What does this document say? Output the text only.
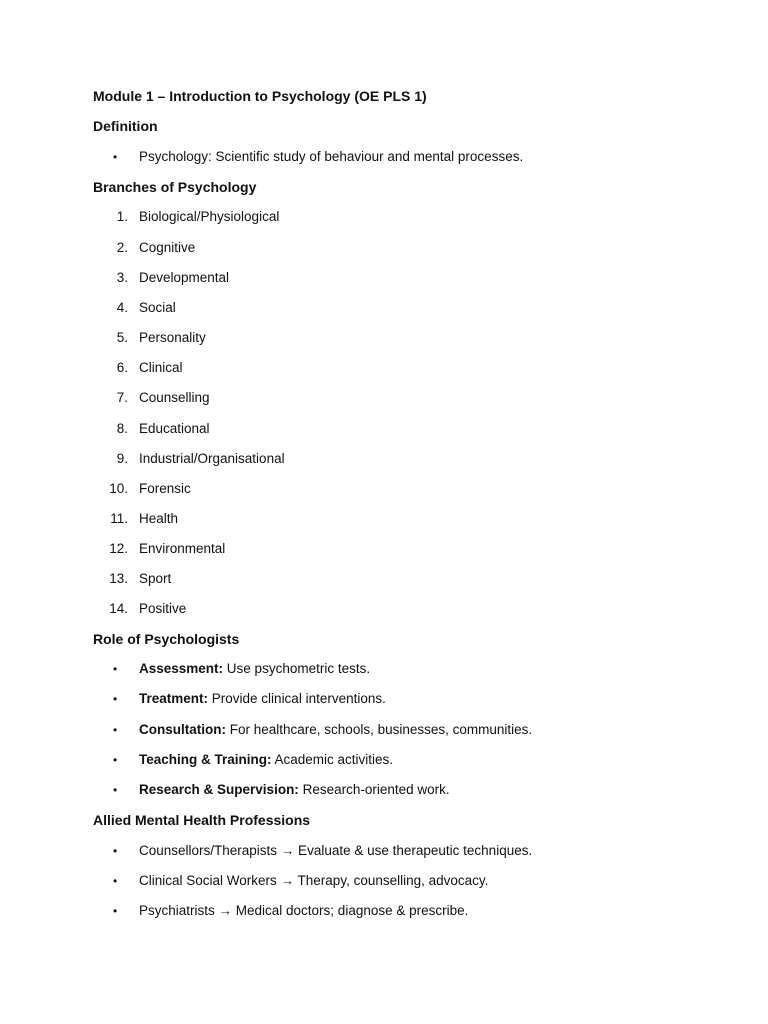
Module 1 – Introduction to Psychology (OE PLS 1)
Definition
• Psychology: Scientific study of behaviour and mental processes.
Branches of Psychology
1. Biological/Physiological
2. Cognitive
3. Developmental
4. Social
5. Personality
6. Clinical
7. Counselling
8. Educational
9. Industrial/Organisational
10. Forensic
11. Health
12. Environmental
13. Sport
14. Positive
Role of Psychologists
• Assessment: Use psychometric tests.
• Treatment: Provide clinical interventions.
• Consultation: For healthcare, schools, businesses, communities.
• Teaching & Training: Academic activities.
• Research & Supervision: Research-oriented work.
Allied Mental Health Professions
• Counsellors/Therapists → Evaluate & use therapeutic techniques.
• Clinical Social Workers → Therapy, counselling, advocacy.
• Psychiatrists → Medical doctors; diagnose & prescribe.
